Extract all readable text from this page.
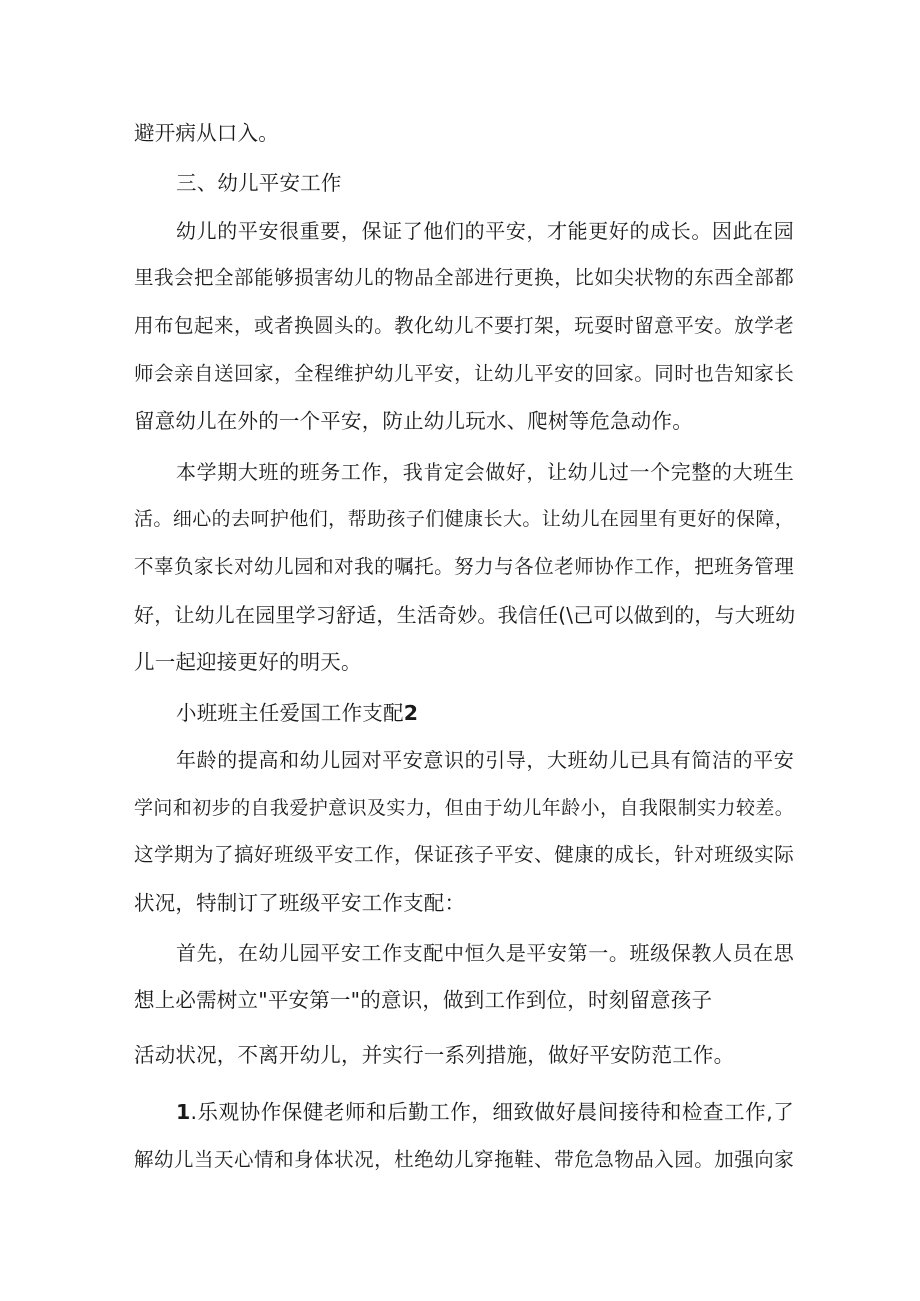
避开病从口入。
三、幼儿平安工作
幼儿的平安很重要，保证了他们的平安，才能更好的成长。因此在园
里我会把全部能够损害幼儿的物品全部进行更换，比如尖状物的东西全部都
用布包起来，或者换圆头的。教化幼儿不要打架，玩耍时留意平安。放学老
师会亲自送回家，全程维护幼儿平安，让幼儿平安的回家。同时也告知家长
留意幼儿在外的一个平安，防止幼儿玩水、爬树等危急动作。
本学期大班的班务工作，我肯定会做好，让幼儿过一个完整的大班生
活。细心的去呵护他们，帮助孩子们健康长大。让幼儿在园里有更好的保障，
不辜负家长对幼儿园和对我的嘱托。努力与各位老师协作工作，把班务管理
好，让幼儿在园里学习舒适，生活奇妙。我信任(\己可以做到的，与大班幼
儿一起迎接更好的明天。
小班班主任爱国工作支配2
年龄的提高和幼儿园对平安意识的引导，大班幼儿已具有简洁的平安
学问和初步的自我爱护意识及实力，但由于幼儿年龄小，自我限制实力较差。
这学期为了搞好班级平安工作，保证孩子平安、健康的成长，针对班级实际
状况，特制订了班级平安工作支配：
首先，在幼儿园平安工作支配中恒久是平安第一。班级保教人员在思
想上必需树立"平安第一"的意识，做到工作到位，时刻留意孩子
活动状况，不离开幼儿，并实行一系列措施，做好平安防范工作。
1.乐观协作保健老师和后勤工作，细致做好晨间接待和检查工作,了
解幼儿当天心情和身体状况，杜绝幼儿穿拖鞋、带危急物品入园。加强向家
